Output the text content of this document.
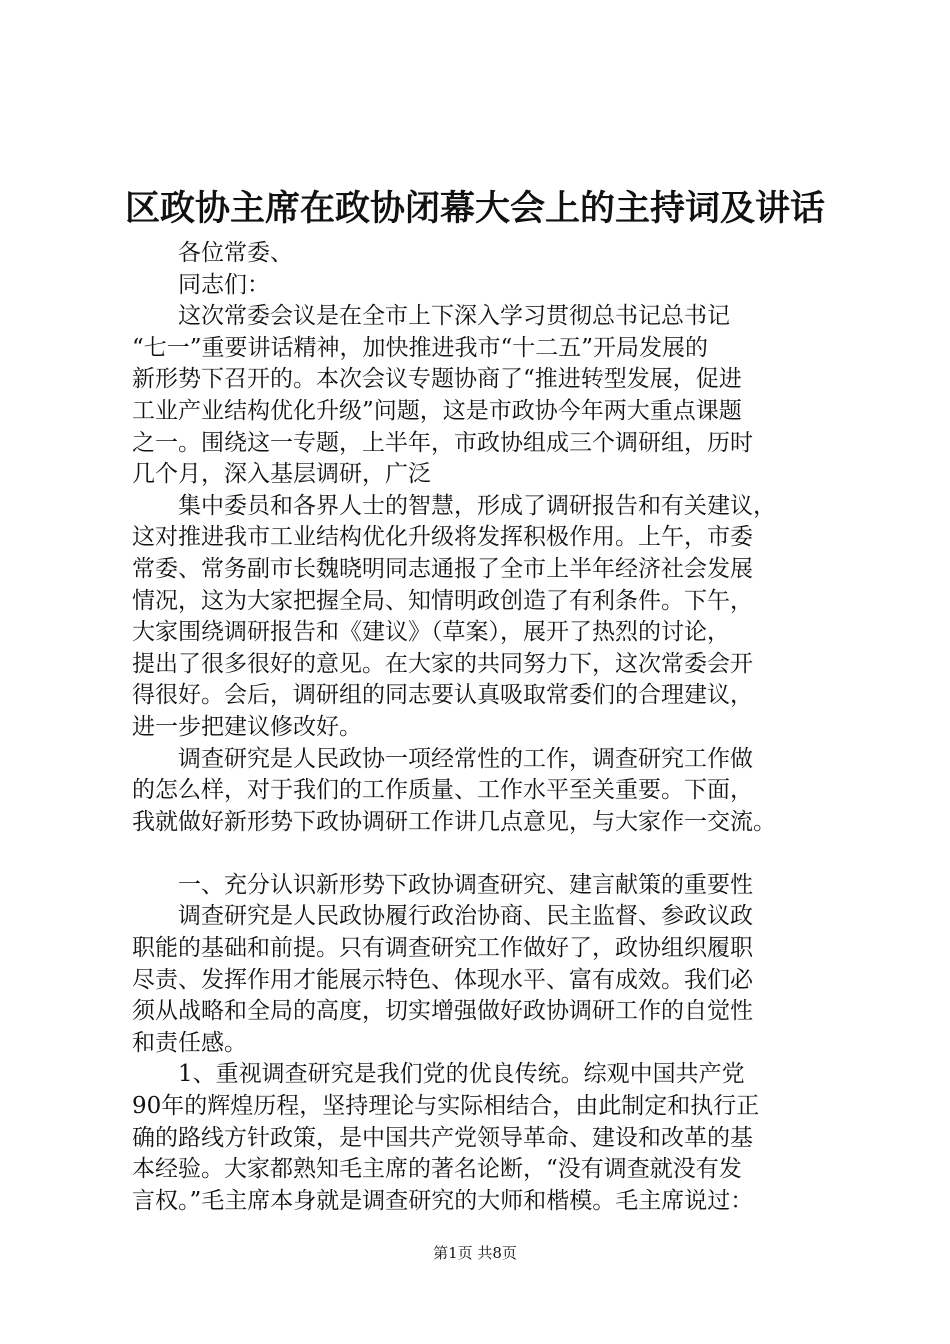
区政协主席在政协闭幕大会上的主持词及讲话
各位常委、
同志们：
这次常委会议是在全市上下深入学习贯彻总书记总书记
“七一”重要讲话精神，加快推进我市“十二五”开局发展的
新形势下召开的。本次会议专题协商了“推进转型发展，促进
工业产业结构优化升级”问题，这是市政协今年两大重点课题
之一。围绕这一专题，上半年，市政协组成三个调研组，历时
几个月，深入基层调研，广泛
集中委员和各界人士的智慧，形成了调研报告和有关建议，
这对推进我市工业结构优化升级将发挥积极作用。上午，市委
常委、常务副市长魏晓明同志通报了全市上半年经济社会发展
情况，这为大家把握全局、知情明政创造了有利条件。下午，
大家围绕调研报告和《建议》（草案），展开了热烈的讨论，
提出了很多很好的意见。在大家的共同努力下，这次常委会开
得很好。会后，调研组的同志要认真吸取常委们的合理建议，
进一步把建议修改好。
调查研究是人民政协一项经常性的工作，调查研究工作做
的怎么样，对于我们的工作质量、工作水平至关重要。下面，
我就做好新形势下政协调研工作讲几点意见，与大家作一交流。
一、充分认识新形势下政协调查研究、建言献策的重要性
调查研究是人民政协履行政治协商、民主监督、参政议政
职能的基础和前提。只有调查研究工作做好了，政协组织履职
尽责、发挥作用才能展示特色、体现水平、富有成效。我们必
须从战略和全局的高度，切实增强做好政协调研工作的自觉性
和责任感。
1、重视调查研究是我们党的优良传统。综观中国共产党
90年的辉煌历程，坚持理论与实际相结合，由此制定和执行正
确的路线方针政策，是中国共产党领导革命、建设和改革的基
本经验。大家都熟知毛主席的著名论断，“没有调查就没有发
言权。”毛主席本身就是调查研究的大师和楷模。毛主席说过：
第1页 共8页
